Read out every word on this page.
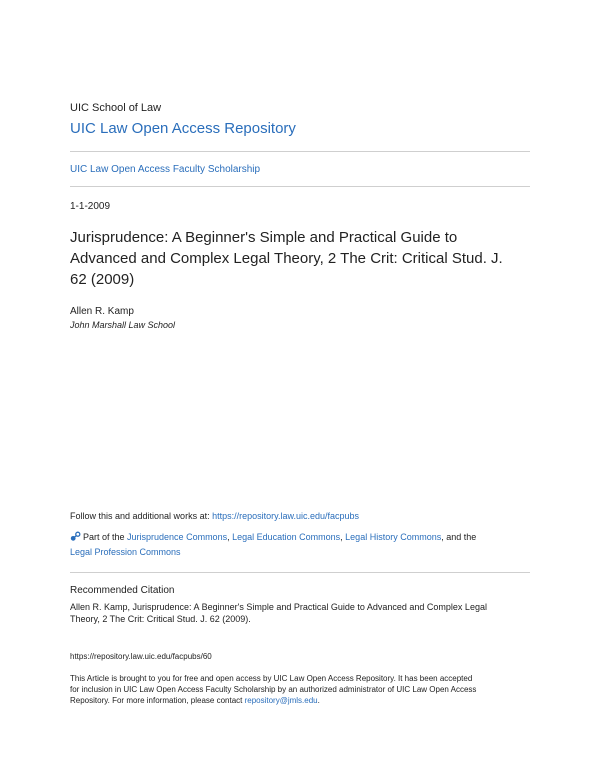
UIC School of Law
UIC Law Open Access Repository
UIC Law Open Access Faculty Scholarship
1-1-2009
Jurisprudence: A Beginner's Simple and Practical Guide to
Advanced and Complex Legal Theory, 2 The Crit: Critical Stud. J.
62 (2009)
Allen R. Kamp
John Marshall Law School
Follow this and additional works at: https://repository.law.uic.edu/facpubs
Part of the Jurisprudence Commons, Legal Education Commons, Legal History Commons, and the
Legal Profession Commons
Recommended Citation
Allen R. Kamp, Jurisprudence: A Beginner's Simple and Practical Guide to Advanced and Complex Legal
Theory, 2 The Crit: Critical Stud. J. 62 (2009).
https://repository.law.uic.edu/facpubs/60
This Article is brought to you for free and open access by UIC Law Open Access Repository. It has been accepted
for inclusion in UIC Law Open Access Faculty Scholarship by an authorized administrator of UIC Law Open Access
Repository. For more information, please contact repository@jmls.edu.
